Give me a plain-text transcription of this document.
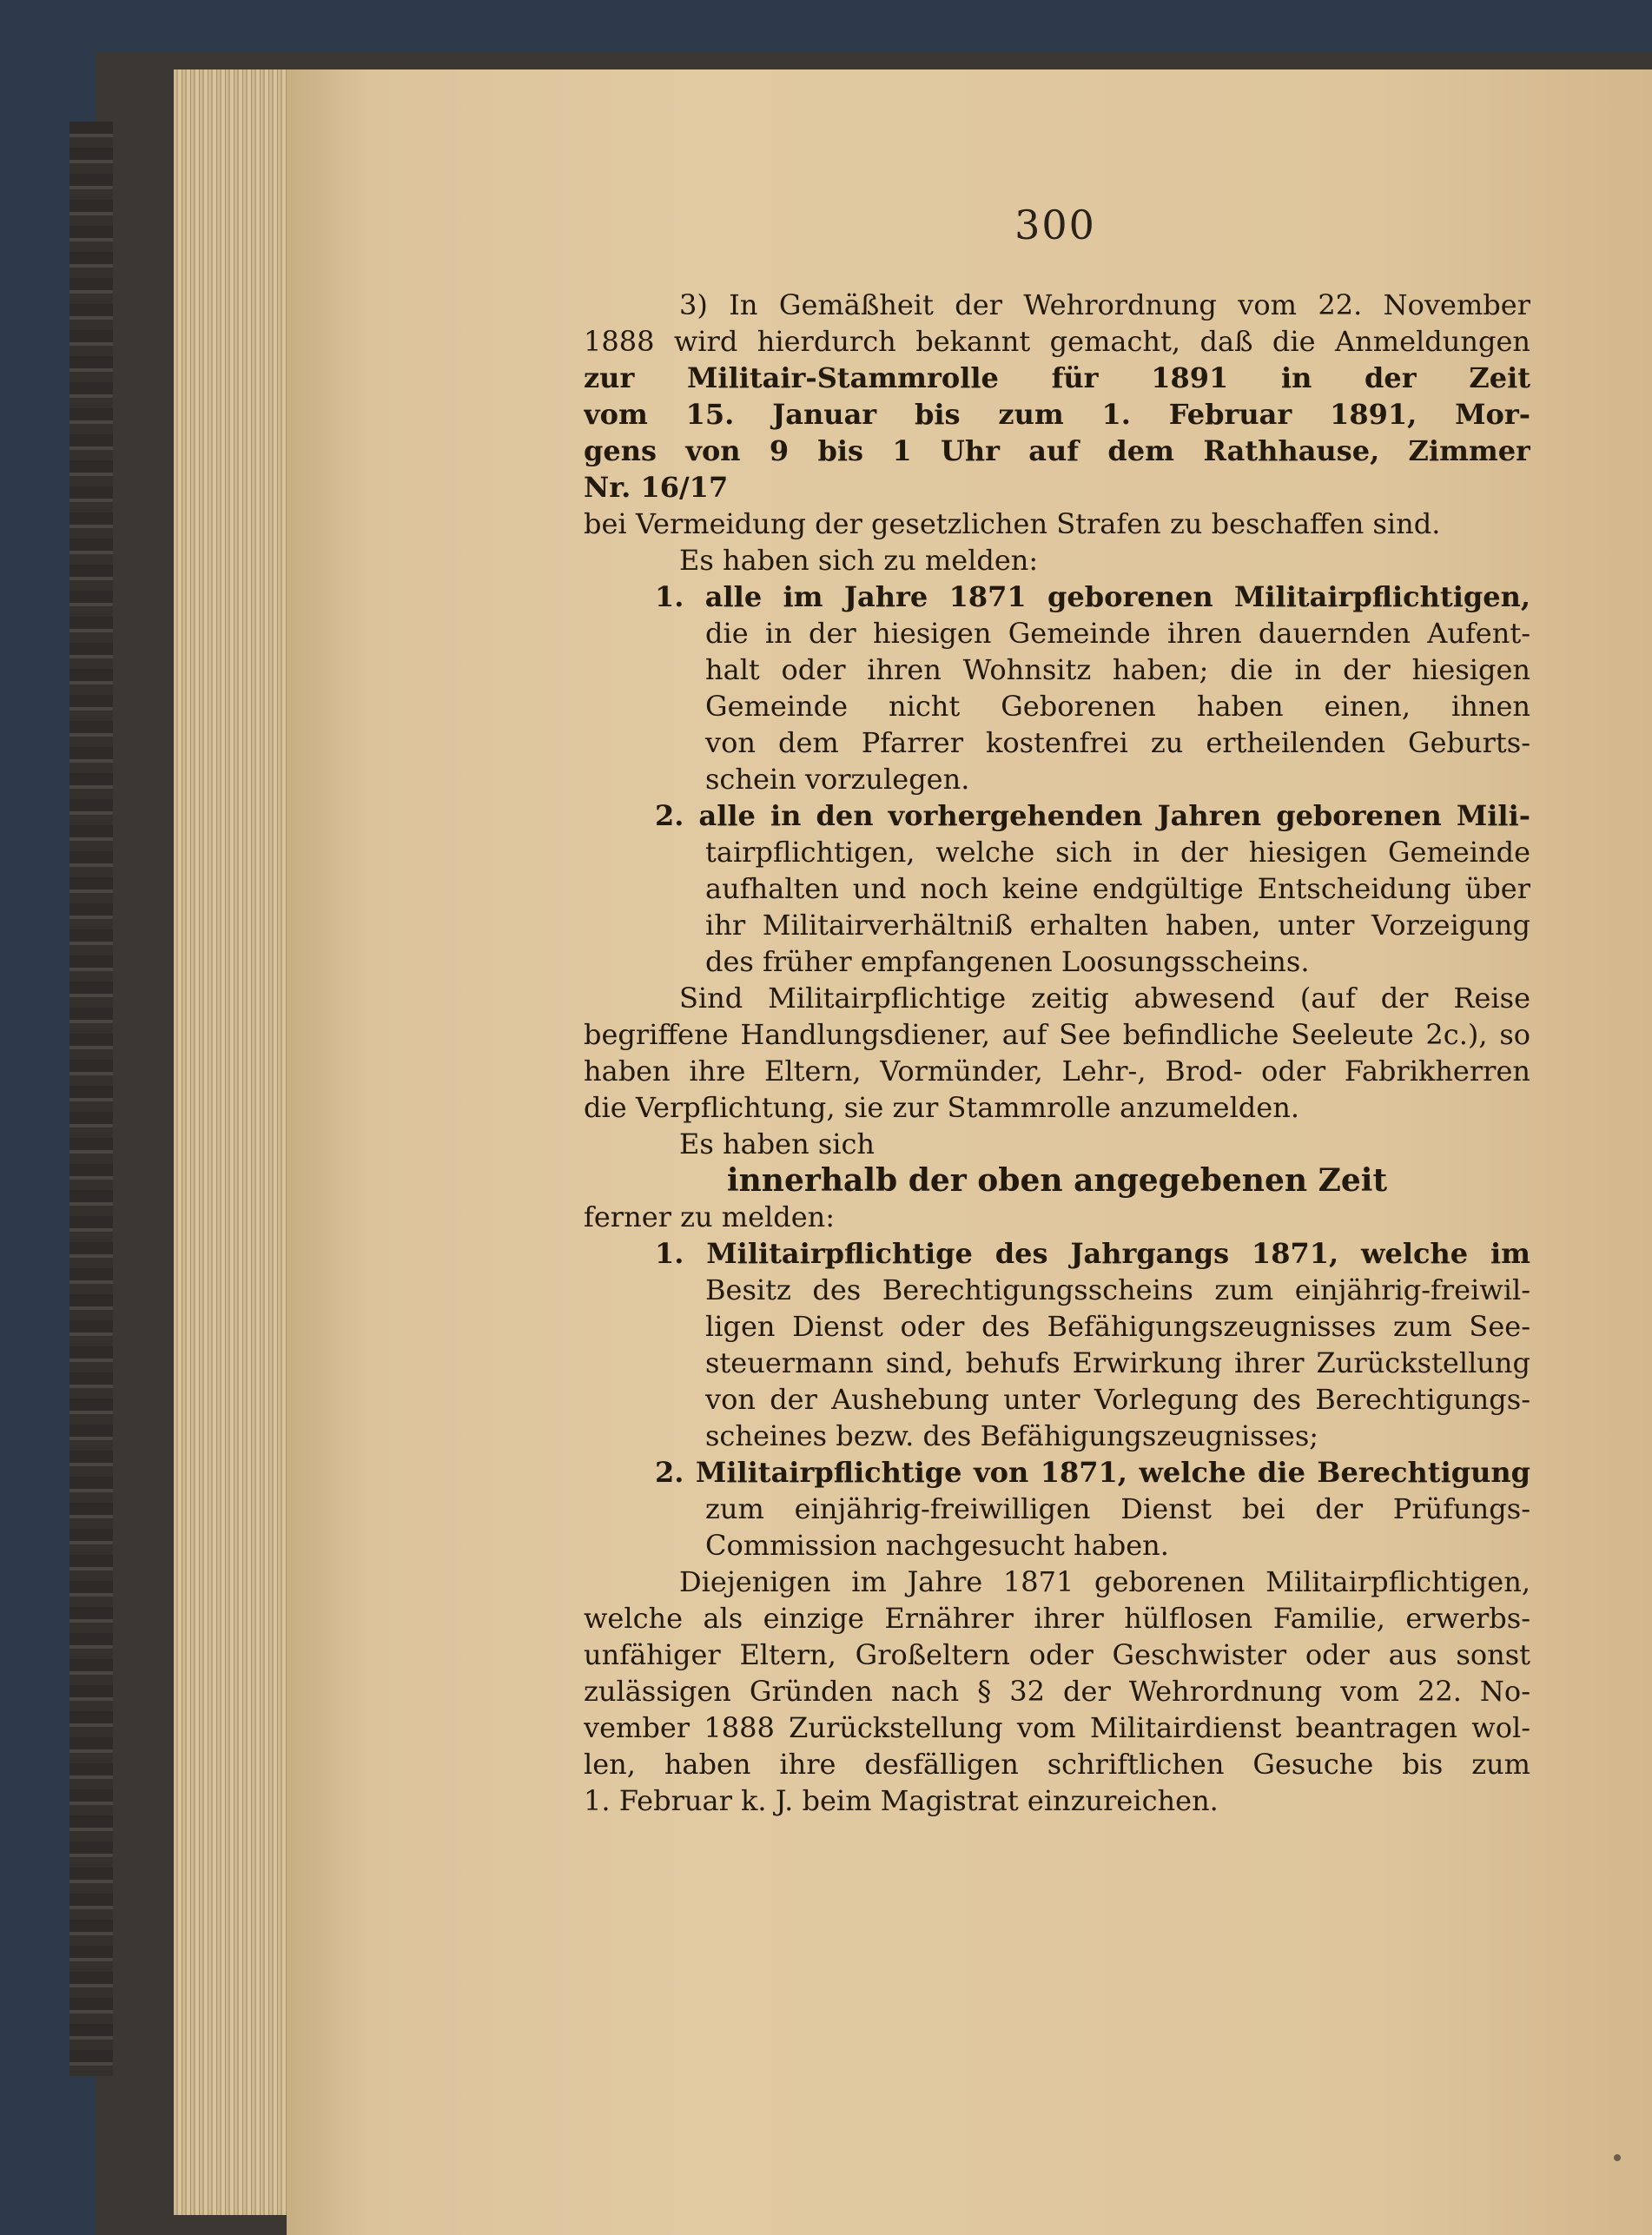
300
3) In Gemäßheit der Wehrordnung vom 22. November
1888 wird hierdurch bekannt gemacht, daß die Anmeldungen
zur Militair-Stammrolle für 1891 in der Zeit
vom 15. Januar bis zum 1. Februar 1891, Mor-
gens von 9 bis 1 Uhr auf dem Rathhause, Zimmer
Nr. 16/17
bei Vermeidung der gesetzlichen Strafen zu beschaffen sind.
Es haben sich zu melden:
1. alle im Jahre 1871 geborenen Militairpflichtigen,
die in der hiesigen Gemeinde ihren dauernden Aufent-
halt oder ihren Wohnsitz haben; die in der hiesigen
Gemeinde nicht Geborenen haben einen, ihnen
von dem Pfarrer kostenfrei zu ertheilenden Geburts-
schein vorzulegen.
2. alle in den vorhergehenden Jahren geborenen Mili-
tairpflichtigen, welche sich in der hiesigen Gemeinde
aufhalten und noch keine endgültige Entscheidung über
ihr Militairverhältniß erhalten haben, unter Vorzeigung
des früher empfangenen Loosungsscheins.
Sind Militairpflichtige zeitig abwesend (auf der Reise
begriffene Handlungsdiener, auf See befindliche Seeleute 2c.), so
haben ihre Eltern, Vormünder, Lehr-, Brod- oder Fabrikherren
die Verpflichtung, sie zur Stammrolle anzumelden.
Es haben sich
innerhalb der oben angegebenen Zeit
ferner zu melden:
1. Militairpflichtige des Jahrgangs 1871, welche im
Besitz des Berechtigungsscheins zum einjährig-freiwil-
ligen Dienst oder des Befähigungszeugnisses zum See-
steuermann sind, behufs Erwirkung ihrer Zurückstellung
von der Aushebung unter Vorlegung des Berechtigungs-
scheines bezw. des Befähigungszeugnisses;
2. Militairpflichtige von 1871, welche die Berechtigung
zum einjährig-freiwilligen Dienst bei der Prüfungs-
Commission nachgesucht haben.
Diejenigen im Jahre 1871 geborenen Militairpflichtigen,
welche als einzige Ernährer ihrer hülflosen Familie, erwerbs-
unfähiger Eltern, Großeltern oder Geschwister oder aus sonst
zulässigen Gründen nach § 32 der Wehrordnung vom 22. No-
vember 1888 Zurückstellung vom Militairdienst beantragen wol-
len, haben ihre desfälligen schriftlichen Gesuche bis zum
1. Februar k. J. beim Magistrat einzureichen.
